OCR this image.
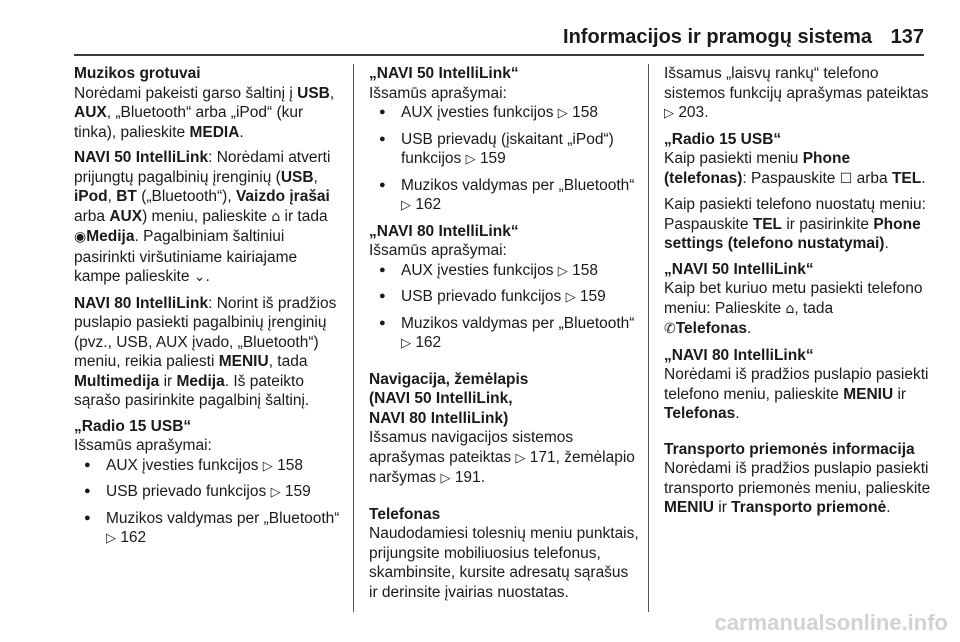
Informacijos ir pramogų sistema 137
Muzikos grotuvai
Norėdami pakeisti garso šaltinį į USB, AUX, „Bluetooth“ arba „iPod“ (kur tinka), palieskite MEDIA.
NAVI 50 IntelliLink: Norėdami atverti prijungtų pagalbinių įrenginių (USB, iPod, BT („Bluetooth“), Vaizdo įrašai arba AUX) meniu, palieskite ⌂ ir tada
◉Medija. Pagalbiniam šaltiniui pasirinkti viršutiniame kairiajame kampe palieskite ⌄.
NAVI 80 IntelliLink: Norint iš pradžios puslapio pasiekti pagalbinių įrenginių (pvz., USB, AUX įvado, „Bluetooth“) meniu, reikia paliesti MENIU, tada Multimedija ir Medija. Iš pateikto sąrašo pasirinkite pagalbinį šaltinį.
„Radio 15 USB“
Išsamūs aprašymai:
● AUX įvesties funkcijos ▷ 158
● USB prievado funkcijos ▷ 159
● Muzikos valdymas per „Bluetooth“ ▷ 162
„NAVI 50 IntelliLink“
Išsamūs aprašymai:
● AUX įvesties funkcijos ▷ 158
● USB prievadų (įskaitant „iPod“) funkcijos ▷ 159
● Muzikos valdymas per „Bluetooth“ ▷ 162
„NAVI 80 IntelliLink“
Išsamūs aprašymai:
● AUX įvesties funkcijos ▷ 158
● USB prievado funkcijos ▷ 159
● Muzikos valdymas per „Bluetooth“ ▷ 162
Navigacija, žemėlapis
(NAVI 50 IntelliLink,
NAVI 80 IntelliLink)
Išsamus navigacijos sistemos aprašymas pateiktas ▷ 171, žemėlapio naršymas ▷ 191.
Telefonas
Naudodamiesi tolesnių meniu punktais, prijungsite mobiliuosius telefonus, skambinsite, kursite adresatų sąrašus ir derinsite įvairias nuostatas.
Išsamus „laisvų rankų“ telefono sistemos funkcijų aprašymas pateiktas ▷ 203.
„Radio 15 USB“
Kaip pasiekti meniu Phone (telefonas): Paspauskite ☐ arba TEL.
Kaip pasiekti telefono nuostatų meniu: Paspauskite TEL ir pasirinkite Phone settings (telefono nustatymai).
„NAVI 50 IntelliLink“
Kaip bet kuriuo metu pasiekti telefono meniu: Palieskite ⌂, tada
✆Telefonas.
„NAVI 80 IntelliLink“
Norėdami iš pradžios puslapio pasiekti telefono meniu, palieskite MENIU ir Telefonas.
Transporto priemonės informacija
Norėdami iš pradžios puslapio pasiekti transporto priemonės meniu, palieskite MENIU ir Transporto priemonė.
carmanualsonline.info
